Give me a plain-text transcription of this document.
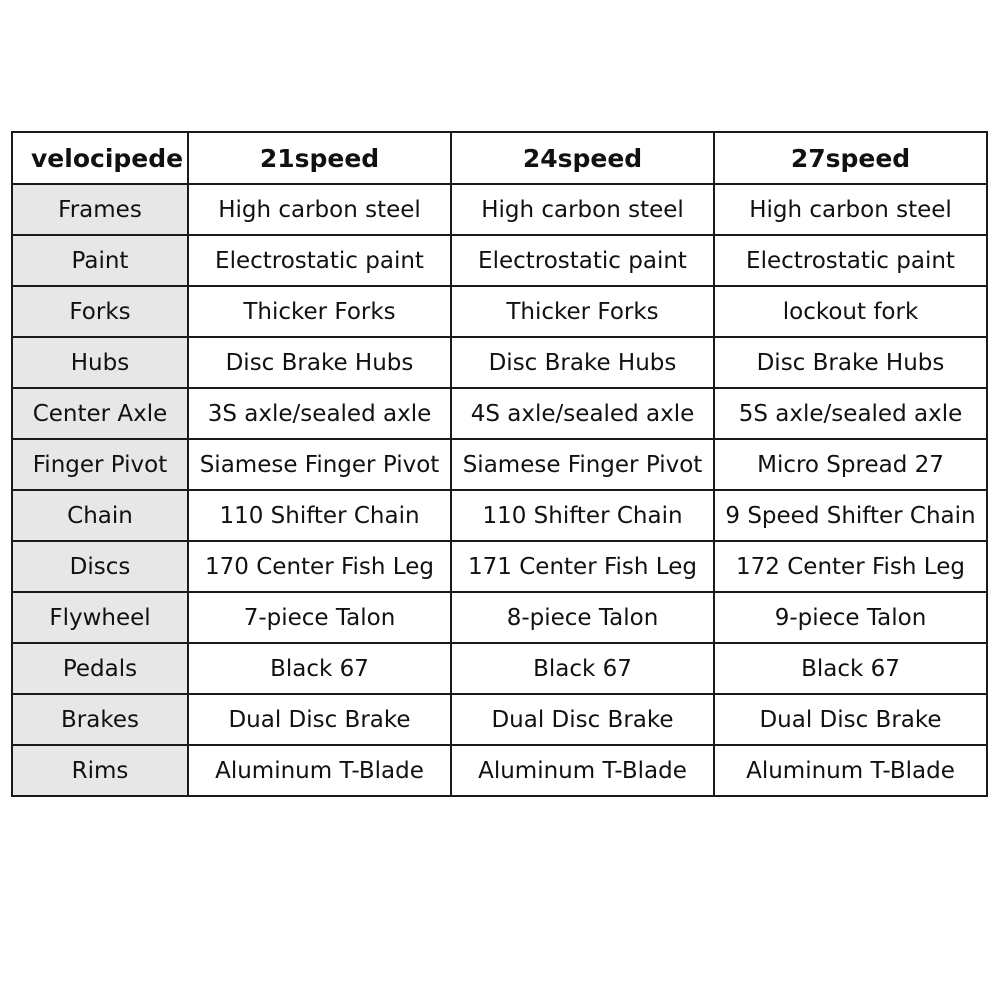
velocipede	21speed	24speed	27speed
Frames	High carbon steel	High carbon steel	High carbon steel
Paint	Electrostatic paint	Electrostatic paint	Electrostatic paint
Forks	Thicker Forks	Thicker Forks	lockout fork
Hubs	Disc Brake Hubs	Disc Brake Hubs	Disc Brake Hubs
Center Axle	3S axle/sealed axle	4S axle/sealed axle	5S axle/sealed axle
Finger Pivot	Siamese Finger Pivot	Siamese Finger Pivot	Micro Spread 27
Chain	110 Shifter Chain	110 Shifter Chain	9 Speed Shifter Chain
Discs	170 Center Fish Leg	171 Center Fish Leg	172 Center Fish Leg
Flywheel	7-piece Talon	8-piece Talon	9-piece Talon
Pedals	Black 67	Black 67	Black 67
Brakes	Dual Disc Brake	Dual Disc Brake	Dual Disc Brake
Rims	Aluminum T-Blade	Aluminum T-Blade	Aluminum T-Blade
